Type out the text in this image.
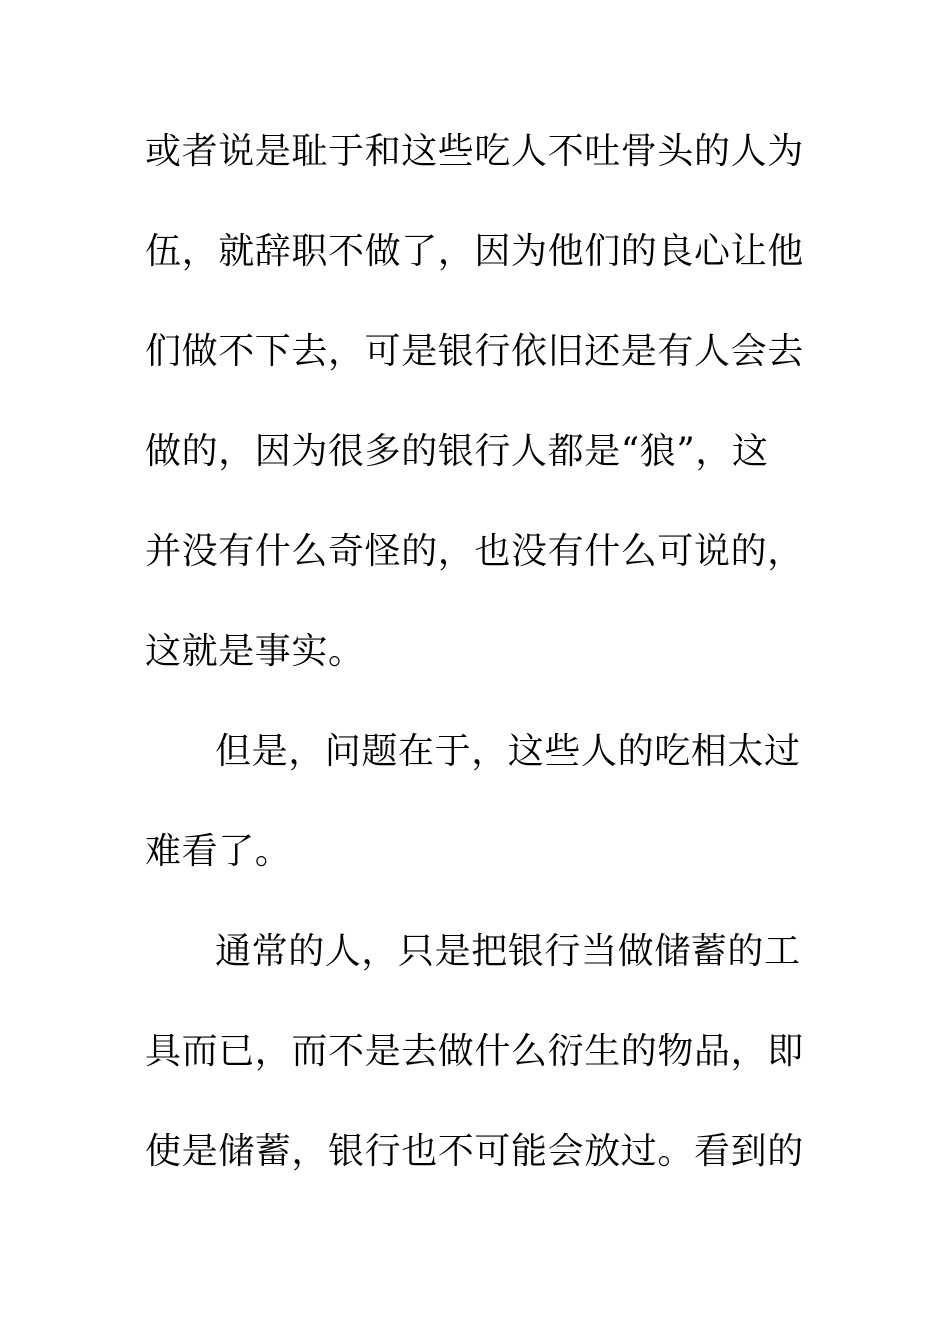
或者说是耻于和这些吃人不吐骨头的人为
伍，就辞职不做了，因为他们的良心让他
们做不下去，可是银行依旧还是有人会去
做的，因为很多的银行人都是“狼”，这
并没有什么奇怪的，也没有什么可说的，
这就是事实。
但是，问题在于，这些人的吃相太过
难看了。
通常的人，只是把银行当做储蓄的工
具而已，而不是去做什么衍生的物品，即
使是储蓄，银行也不可能会放过。看到的
